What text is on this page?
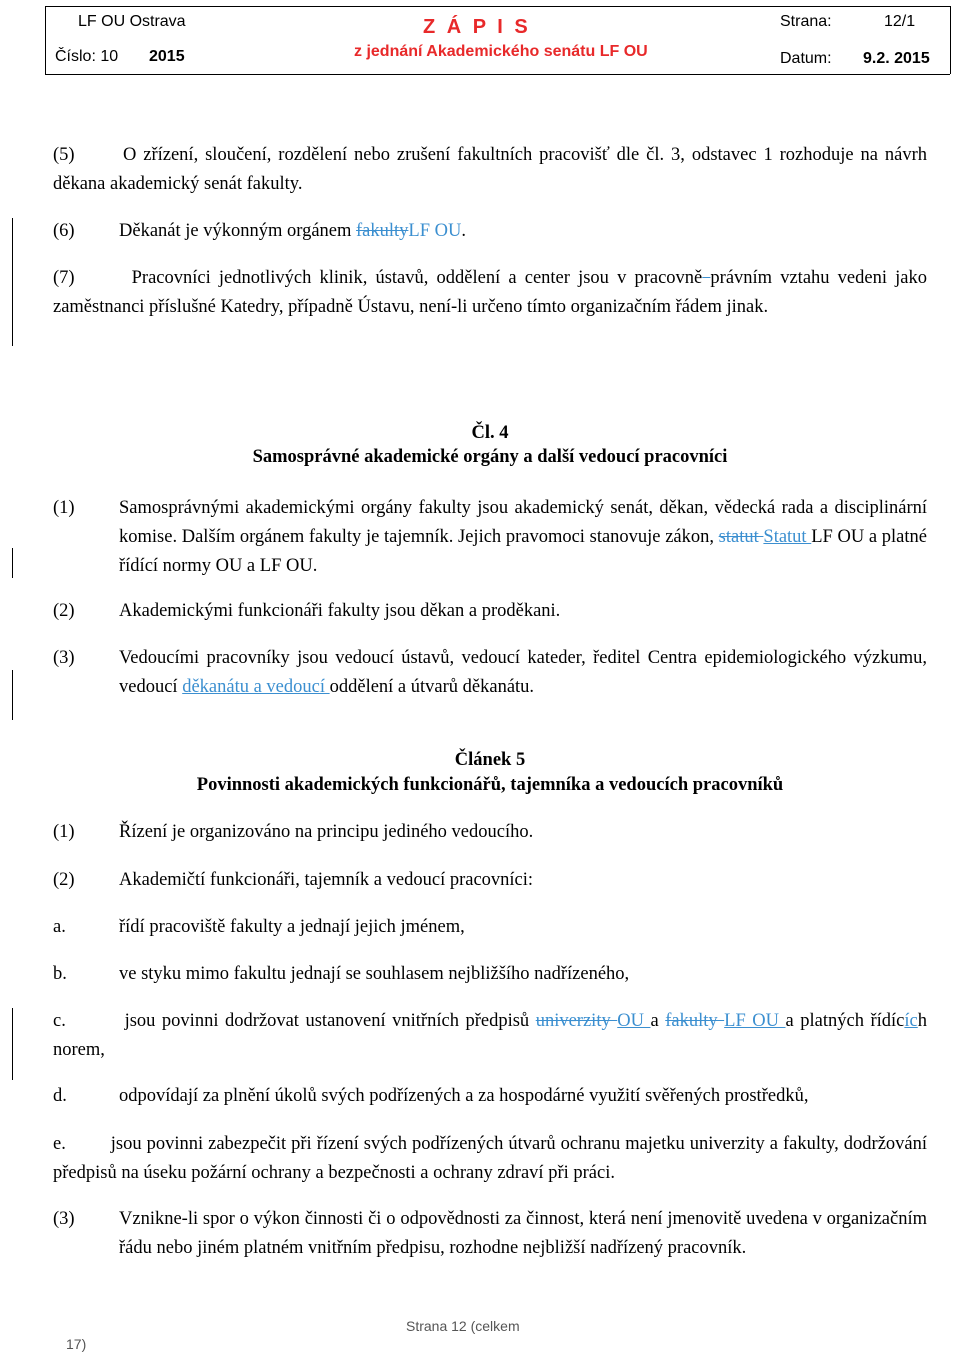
LF OU Ostrava
Číslo: 10 2015
Z Á P I S
z jednání Akademického senátu LF OU
Strana:	12/1
Datum: 9.2. 2015
(5)	O zřízení, sloučení, rozdělení nebo zrušení fakultních pracovišť dle čl. 3, odstavec 1 rozhoduje na návrh děkana akademický senát fakulty.
(6) Děkanát je výkonným orgánem fakultyLF OU.
(7)	Pracovníci jednotlivých klinik, ústavů, oddělení a center jsou v pracovně právním vztahu vedeni jako zaměstnanci příslušné Katedry, případně Ústavu, není-li určeno tímto organizačním řádem jinak.
Čl. 4
Samosprávné akademické orgány a další vedoucí pracovníci
(1) Samosprávnými akademickými orgány fakulty jsou akademický senát, děkan, vědecká rada a disciplinární komise. Dalším orgánem fakulty je tajemník. Jejich pravomoci stanovuje zákon, statut Statut LF OU a platné řídící normy OU a LF OU.
(2) Akademickými funkcionáři fakulty jsou děkan a proděkani.
(3) Vedoucími pracovníky jsou vedoucí ústavů, vedoucí kateder, ředitel Centra epidemiologického výzkumu, vedoucí děkanátu a vedoucí oddělení a útvarů děkanátu.
Článek 5
Povinnosti akademických funkcionářů, tajemníka a vedoucích pracovníků
(1) Řízení je organizováno na principu jediného vedoucího.
(2) Akademičtí funkcionáři, tajemník a vedoucí pracovníci:
a.	řídí pracoviště fakulty a jednají jejich jménem,
b.	ve styku mimo fakultu jednají se souhlasem nejbližšího nadřízeného,
c.	jsou povinni dodržovat ustanovení vnitřních předpisů univerzity OU a fakulty LF OU a platných řídících norem,
d.	odpovídají za plnění úkolů svých podřízených a za hospodárné využití svěřených prostředků,
e. jsou povinni zabezpečit při řízení svých podřízených útvarů ochranu majetku univerzity a fakulty, dodržování předpisů na úseku požární ochrany a bezpečnosti a ochrany zdraví při práci.
(3) Vznikne-li spor o výkon činnosti či o odpovědnosti za činnost, která není jmenovitě uvedena v organizačním řádu nebo jiném platném vnitřním předpisu, rozhodne nejbližší nadřízený pracovník.
Strana 12 (celkem
17)
